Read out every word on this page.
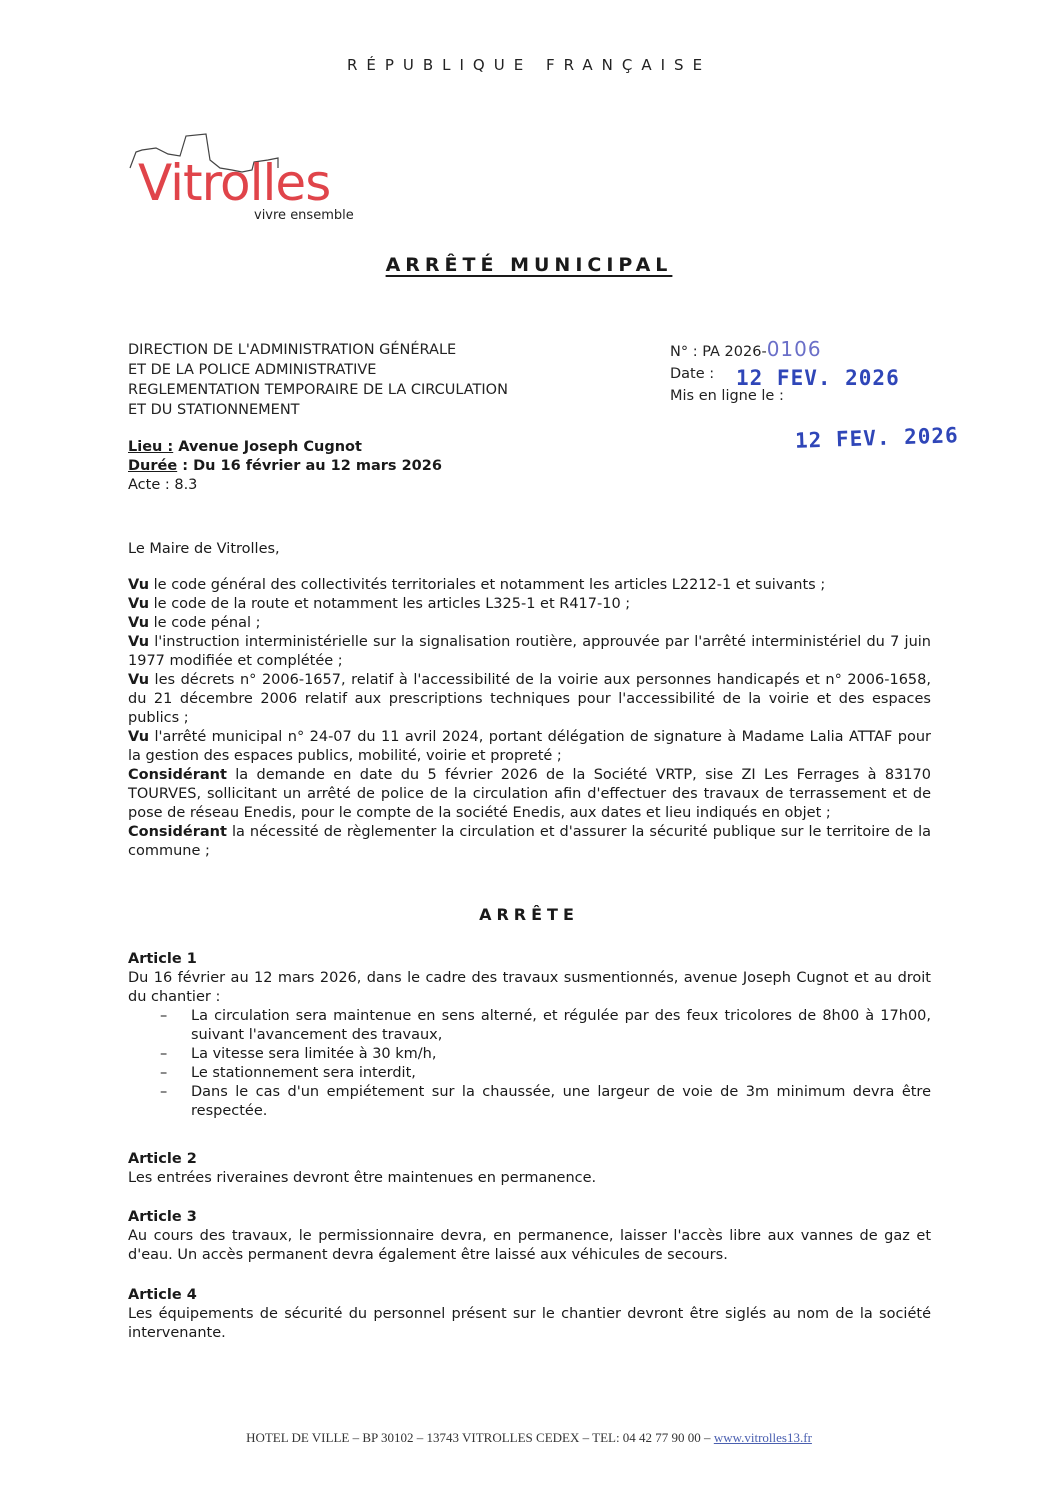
RÉPUBLIQUE FRANÇAISE
Vitrolles
vivre ensemble
ARRÊTÉ MUNICIPAL
DIRECTION DE L'ADMINISTRATION GÉNÉRALE
ET DE LA POLICE ADMINISTRATIVE
REGLEMENTATION TEMPORAIRE DE LA CIRCULATION
ET DU STATIONNEMENT
N° : PA 2026-0106
Date :
Mis en ligne le :
12 FEV. 2026
12 FEV. 2026
Lieu : Avenue Joseph Cugnot
Durée : Du 16 février au 12 mars 2026
Acte : 8.3
Le Maire de Vitrolles,

Vu le code général des collectivités territoriales et notamment les articles L2212-1 et suivants ;

Vu le code de la route et notamment les articles L325-1 et R417-10 ;

Vu le code pénal ;

Vu l'instruction interministérielle sur la signalisation routière, approuvée par l'arrêté interministériel du 7 juin 1977 modifiée et complétée ;

Vu les décrets n° 2006-1657, relatif à l'accessibilité de la voirie aux personnes handicapés et n° 2006-1658, du 21 décembre 2006 relatif aux prescriptions techniques pour l'accessibilité de la voirie et des espaces publics ;

Vu l'arrêté municipal n° 24-07 du 11 avril 2024, portant délégation de signature à Madame Lalia ATTAF pour la gestion des espaces publics, mobilité, voirie et propreté ;

Considérant la demande en date du 5 février 2026 de la Société VRTP, sise ZI Les Ferrages à 83170 TOURVES, sollicitant un arrêté de police de la circulation afin d'effectuer des travaux de terrassement et de pose de réseau Enedis, pour le compte de la société Enedis, aux dates et lieu indiqués en objet ;

Considérant la nécessité de règlementer la circulation et d'assurer la sécurité publique sur le territoire de la commune ;

ARRÊTE
Article 1

Du 16 février au 12 mars 2026, dans le cadre des travaux susmentionnés, avenue Joseph Cugnot et au droit du chantier :

– La circulation sera maintenue en sens alterné, et régulée par des feux tricolores de 8h00 à 17h00, suivant l'avancement des travaux,
– La vitesse sera limitée à 30 km/h,
– Le stationnement sera interdit,
– Dans le cas d'un empiétement sur la chaussée, une largeur de voie de 3m minimum devra être respectée.
Article 2

Les entrées riveraines devront être maintenues en permanence.

Article 3

Au cours des travaux, le permissionnaire devra, en permanence, laisser l'accès libre aux vannes de gaz et d'eau. Un accès permanent devra également être laissé aux véhicules de secours.

Article 4

Les équipements de sécurité du personnel présent sur le chantier devront être siglés au nom de la société intervenante.

HOTEL DE VILLE – BP 30102 – 13743 VITROLLES CEDEX – TEL: 04 42 77 90 00 – www.vitrolles13.fr
